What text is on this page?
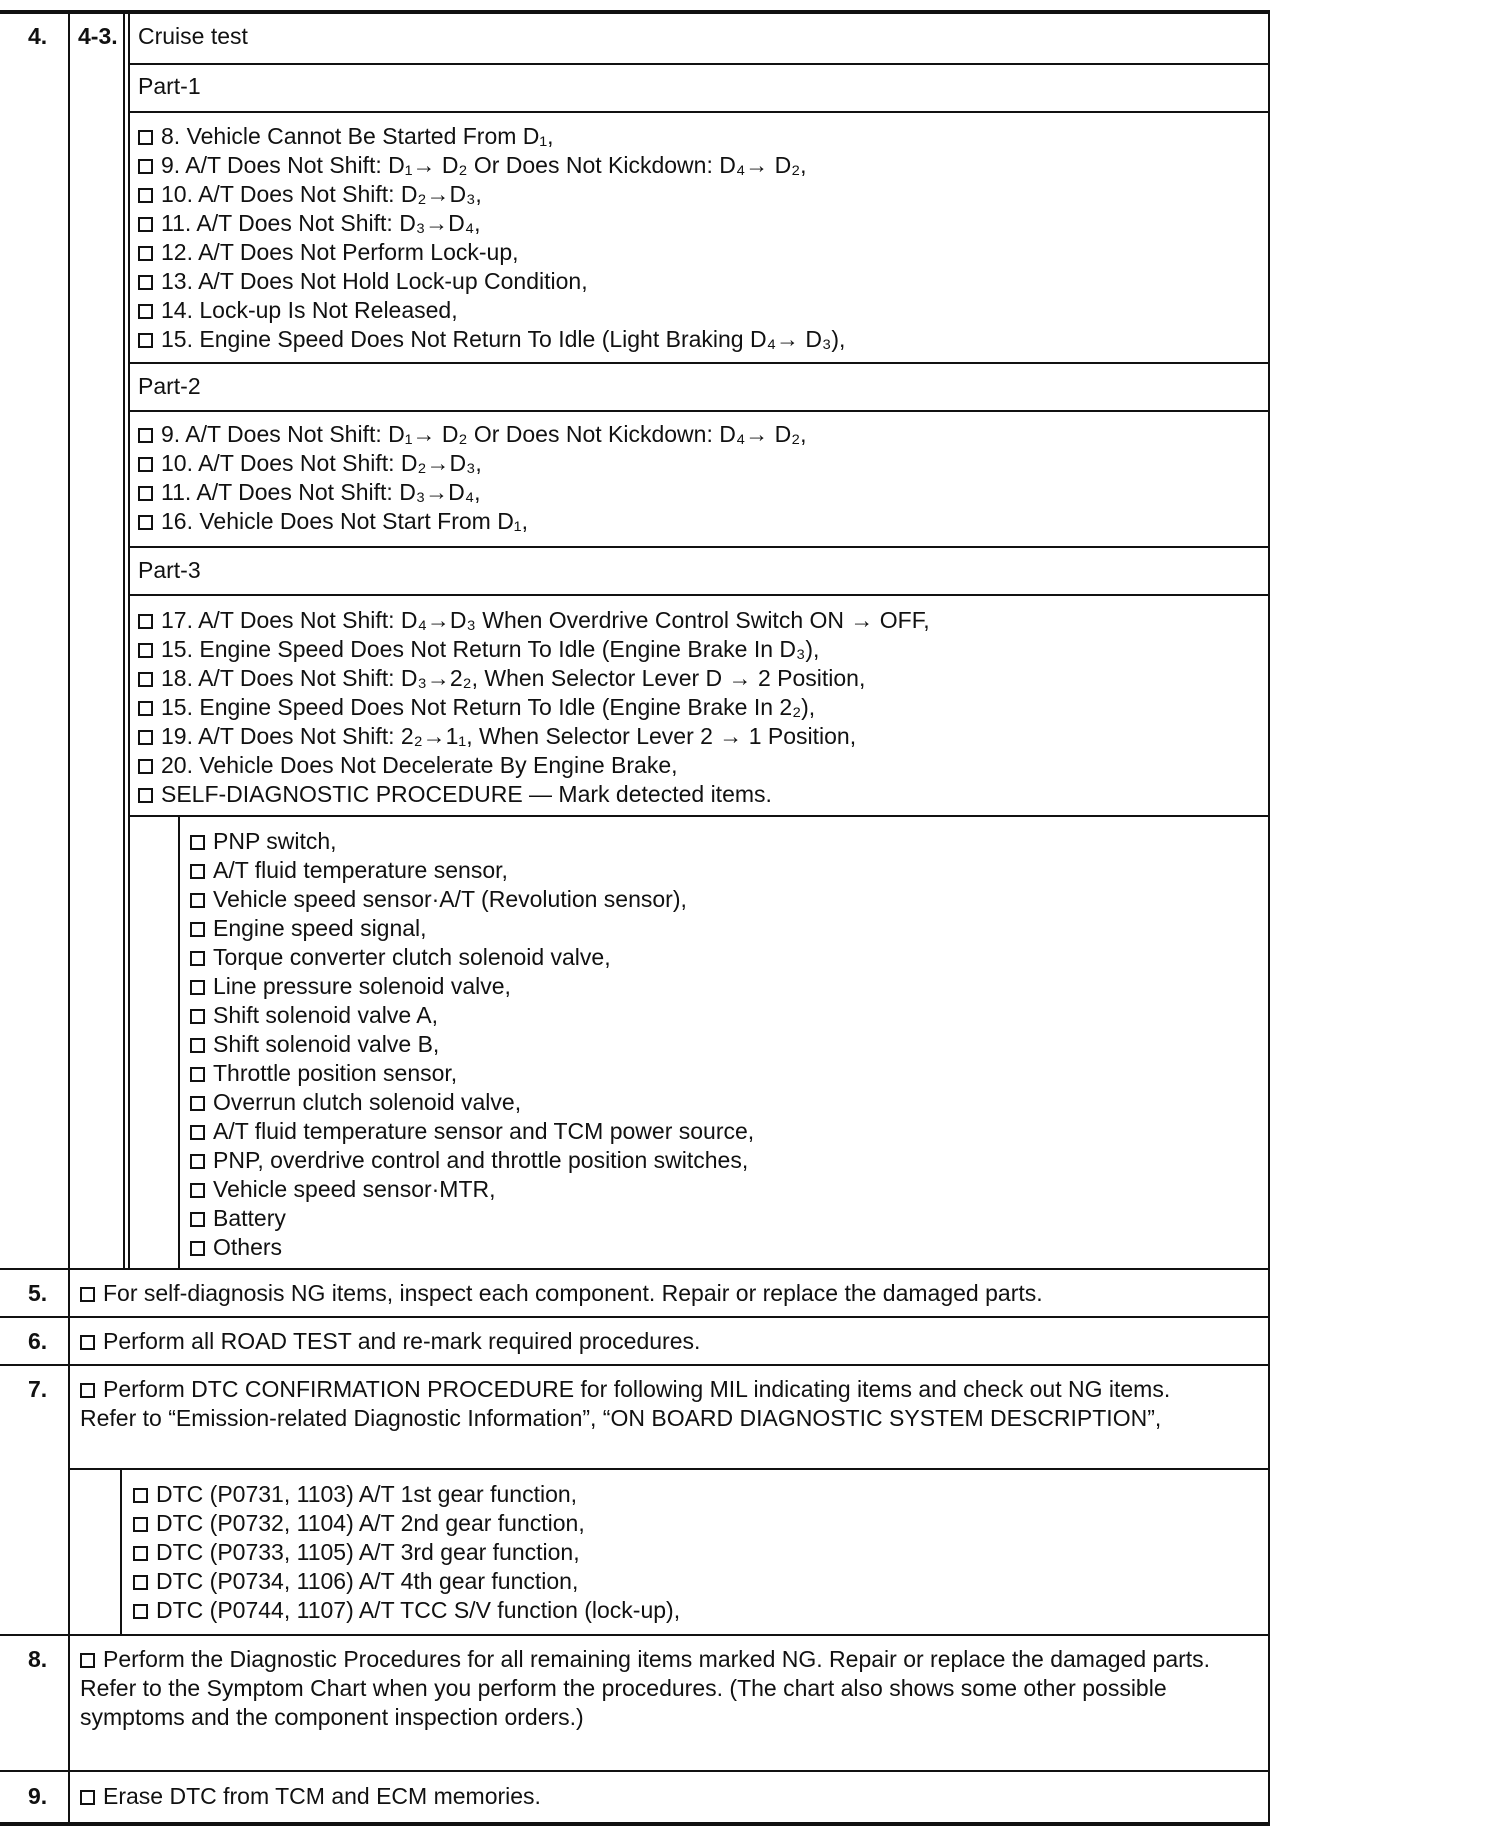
4. 4-3. Cruise test
Part-1
8. Vehicle Cannot Be Started From D₁,
9. A/T Does Not Shift: D₁→ D₂ Or Does Not Kickdown: D₄→ D₂,
10. A/T Does Not Shift: D₂→D₃,
11. A/T Does Not Shift: D₃→D₄,
12. A/T Does Not Perform Lock-up,
13. A/T Does Not Hold Lock-up Condition,
14. Lock-up Is Not Released,
15. Engine Speed Does Not Return To Idle (Light Braking D₄→ D₃),
Part-2
9. A/T Does Not Shift: D₁→ D₂ Or Does Not Kickdown: D₄→ D₂,
10. A/T Does Not Shift: D₂→D₃,
11. A/T Does Not Shift: D₃→D₄,
16. Vehicle Does Not Start From D₁,
Part-3
17. A/T Does Not Shift: D₄→D₃ When Overdrive Control Switch ON → OFF,
15. Engine Speed Does Not Return To Idle (Engine Brake In D₃),
18. A/T Does Not Shift: D₃→2₂, When Selector Lever D → 2 Position,
15. Engine Speed Does Not Return To Idle (Engine Brake In 2₂),
19. A/T Does Not Shift: 2₂→1₁, When Selector Lever 2 → 1 Position,
20. Vehicle Does Not Decelerate By Engine Brake,
SELF-DIAGNOSTIC PROCEDURE — Mark detected items.
PNP switch,
A/T fluid temperature sensor,
Vehicle speed sensor·A/T (Revolution sensor),
Engine speed signal,
Torque converter clutch solenoid valve,
Line pressure solenoid valve,
Shift solenoid valve A,
Shift solenoid valve B,
Throttle position sensor,
Overrun clutch solenoid valve,
A/T fluid temperature sensor and TCM power source,
PNP, overdrive control and throttle position switches,
Vehicle speed sensor·MTR,
Battery
Others
5.	For self-diagnosis NG items, inspect each component. Repair or replace the damaged parts.
6.	Perform all ROAD TEST and re-mark required procedures.
7.	Perform DTC CONFIRMATION PROCEDURE for following MIL indicating items and check out NG items.

Refer to “Emission-related Diagnostic Information”, “ON BOARD DIAGNOSTIC SYSTEM DESCRIPTION”,

DTC (P0731, 1103) A/T 1st gear function,
DTC (P0732, 1104) A/T 2nd gear function,
DTC (P0733, 1105) A/T 3rd gear function,
DTC (P0734, 1106) A/T 4th gear function,
DTC (P0744, 1107) A/T TCC S/V function (lock-up),
8.	Perform the Diagnostic Procedures for all remaining items marked NG. Repair or replace the damaged parts.

Refer to the Symptom Chart when you perform the procedures. (The chart also shows some other possible symptoms and the component inspection orders.)

9.	Erase DTC from TCM and ECM memories.
